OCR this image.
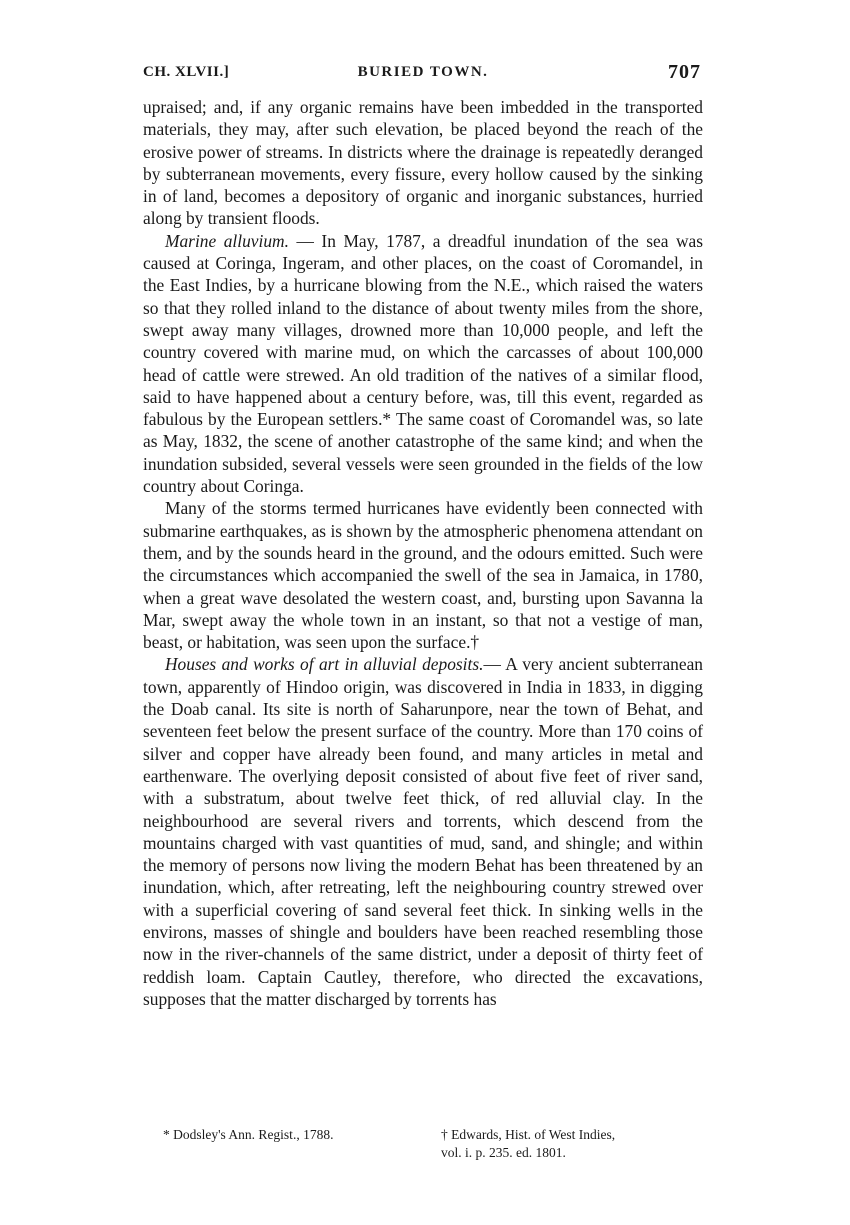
CH. XLVII.]	BURIED TOWN.	707

upraised; and, if any organic remains have been imbedded in the transported materials, they may, after such elevation, be placed beyond the reach of the erosive power of streams. In districts where the drainage is repeatedly deranged by subterranean movements, every fissure, every hollow caused by the sinking in of land, becomes a depository of organic and inorganic substances, hurried along by transient floods.

Marine alluvium. — In May, 1787, a dreadful inundation of the sea was caused at Coringa, Ingeram, and other places, on the coast of Coromandel, in the East Indies, by a hurricane blowing from the N.E., which raised the waters so that they rolled inland to the distance of about twenty miles from the shore, swept away many villages, drowned more than 10,000 people, and left the country covered with marine mud, on which the carcasses of about 100,000 head of cattle were strewed. An old tradition of the natives of a similar flood, said to have happened about a century before, was, till this event, regarded as fabulous by the European settlers.* The same coast of Coromandel was, so late as May, 1832, the scene of another catastrophe of the same kind; and when the inundation subsided, several vessels were seen grounded in the fields of the low country about Coringa.

Many of the storms termed hurricanes have evidently been connected with submarine earthquakes, as is shown by the atmospheric phenomena attendant on them, and by the sounds heard in the ground, and the odours emitted. Such were the circumstances which accompanied the swell of the sea in Jamaica, in 1780, when a great wave desolated the western coast, and, bursting upon Savanna la Mar, swept away the whole town in an instant, so that not a vestige of man, beast, or habitation, was seen upon the surface.†

Houses and works of art in alluvial deposits.— A very ancient subterranean town, apparently of Hindoo origin, was discovered in India in 1833, in digging the Doab canal. Its site is north of Saharunpore, near the town of Behat, and seventeen feet below the present surface of the country. More than 170 coins of silver and copper have already been found, and many articles in metal and earthenware. The overlying deposit consisted of about five feet of river sand, with a substratum, about twelve feet thick, of red alluvial clay. In the neighbourhood are several rivers and torrents, which descend from the mountains charged with vast quantities of mud, sand, and shingle; and within the memory of persons now living the modern Behat has been threatened by an inundation, which, after retreating, left the neighbouring country strewed over with a superficial covering of sand several feet thick. In sinking wells in the environs, masses of shingle and boulders have been reached resembling those now in the river-channels of the same district, under a deposit of thirty feet of reddish loam. Captain Cautley, therefore, who directed the excavations, supposes that the matter discharged by torrents has

* Dodsley's Ann. Regist., 1788.	† Edwards, Hist. of West Indies,
vol. i. p. 235. ed. 1801.
